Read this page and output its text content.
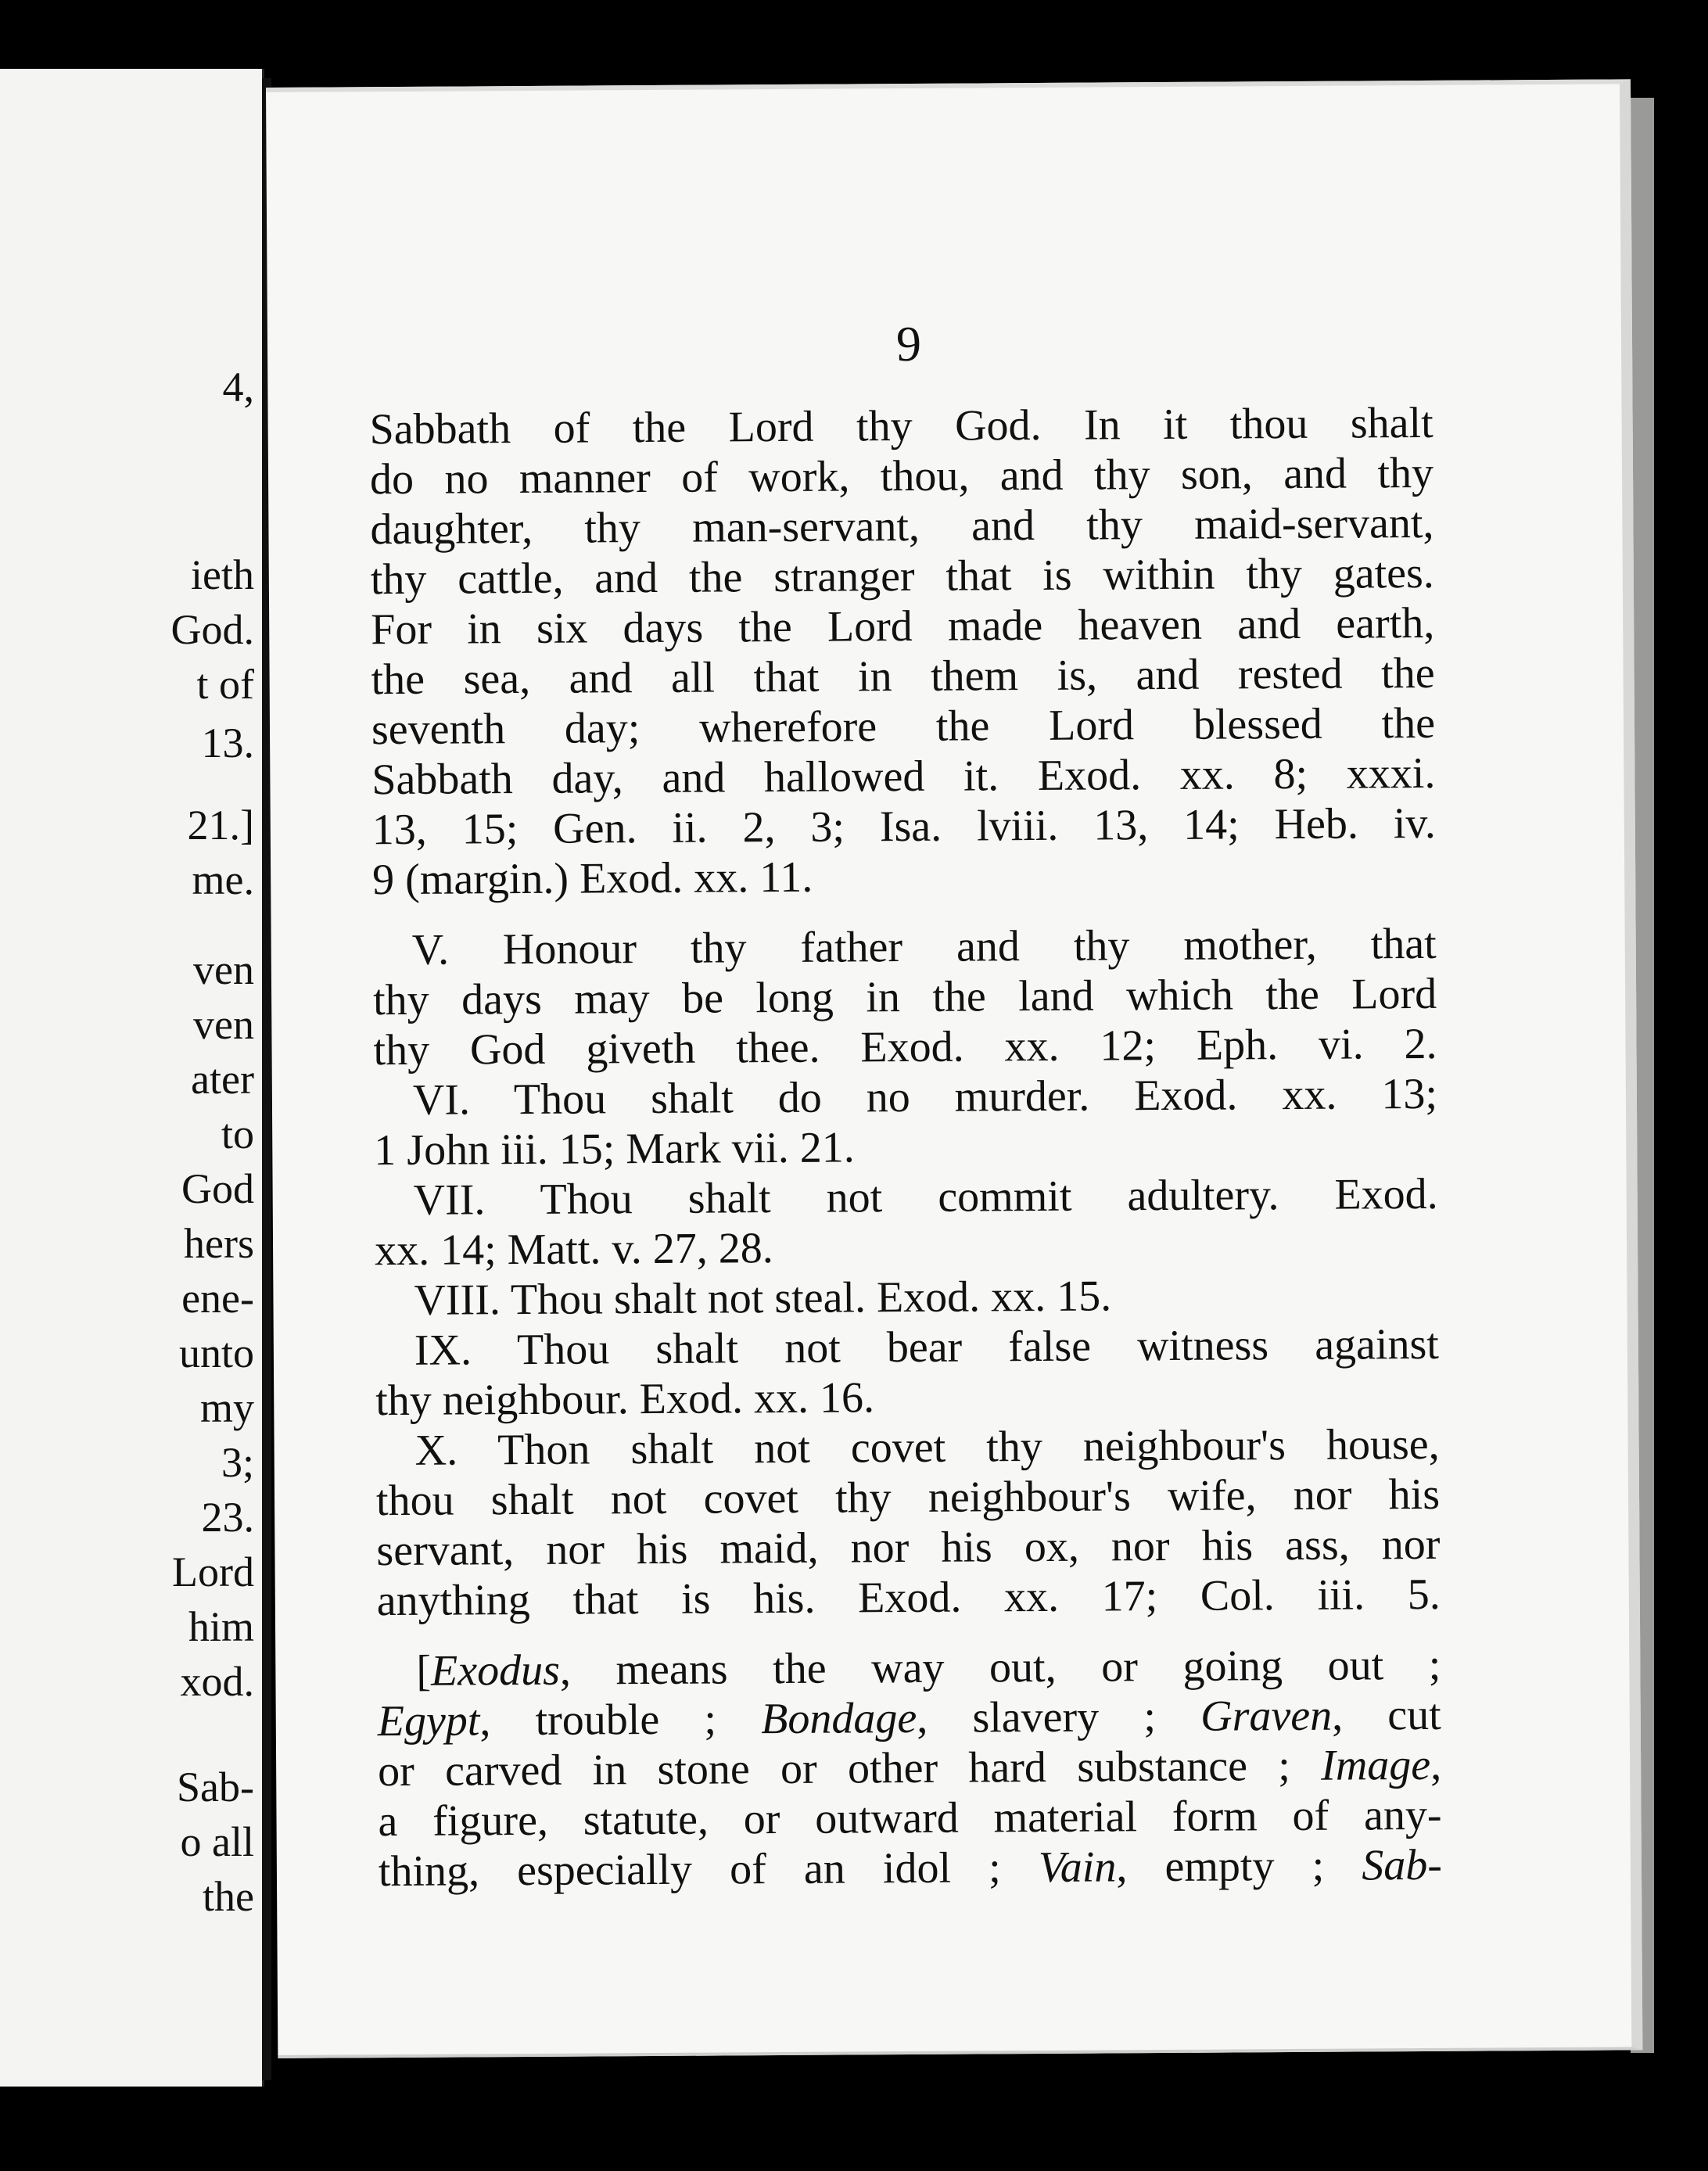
4,
ieth
God.
t of
13.
21.]
me.
ven
ven
ater
to
God
hers
ene-
unto
my
3;
23.
Lord
him
xod.
Sab-
o all
the
9
Sabbath of the Lord thy God. In it thou shalt
do no manner of work, thou, and thy son, and thy
daughter, thy man-servant, and thy maid-servant,
thy cattle, and the stranger that is within thy gates.
For in six days the Lord made heaven and earth,
the sea, and all that in them is, and rested the
seventh day; wherefore the Lord blessed the
Sabbath day, and hallowed it. Exod. xx. 8; xxxi.
13, 15; Gen. ii. 2, 3; Isa. lviii. 13, 14; Heb. iv.
9 (margin.) Exod. xx. 11.
V. Honour thy father and thy mother, that
thy days may be long in the land which the Lord
thy God giveth thee. Exod. xx. 12; Eph. vi. 2.
VI. Thou shalt do no murder. Exod. xx. 13;
1 John iii. 15; Mark vii. 21.
VII. Thou shalt not commit adultery. Exod.
xx. 14; Matt. v. 27, 28.
VIII. Thou shalt not steal. Exod. xx. 15.
IX. Thou shalt not bear false witness against
thy neighbour. Exod. xx. 16.
X. Thon shalt not covet thy neighbour's house,
thou shalt not covet thy neighbour's wife, nor his
servant, nor his maid, nor his ox, nor his ass, nor
anything that is his. Exod. xx. 17; Col. iii. 5.
[Exodus, means the way out, or going out ;
Egypt, trouble ; Bondage, slavery ; Graven, cut
or carved in stone or other hard substance ; Image,
a figure, statute, or outward material form of any-
thing, especially of an idol ; Vain, empty ; Sab-
